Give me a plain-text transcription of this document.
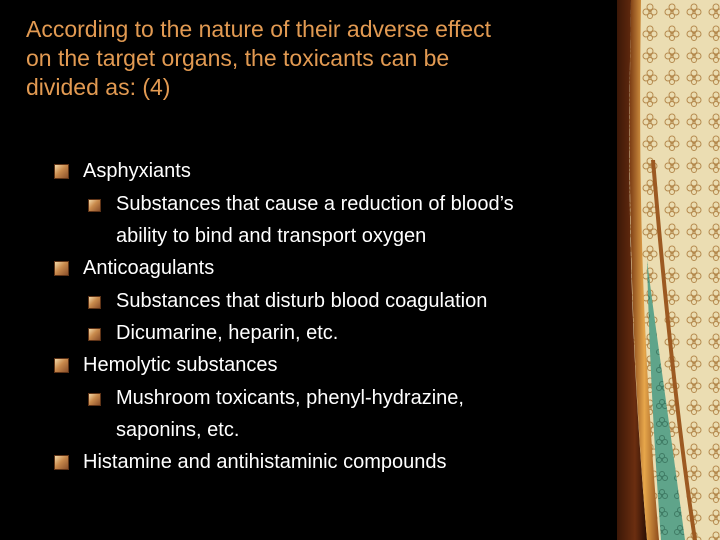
According to the nature of their adverse effect
on the target organs, the toxicants can be
divided as: (4)
Asphyxiants
Substances that cause a reduction of blood’s
ability to bind and transport oxygen
Anticoagulants
Substances that disturb blood coagulation
Dicumarine, heparin, etc.
Hemolytic substances
Mushroom toxicants, phenyl-hydrazine,
saponins, etc.
Histamine and antihistaminic compounds
